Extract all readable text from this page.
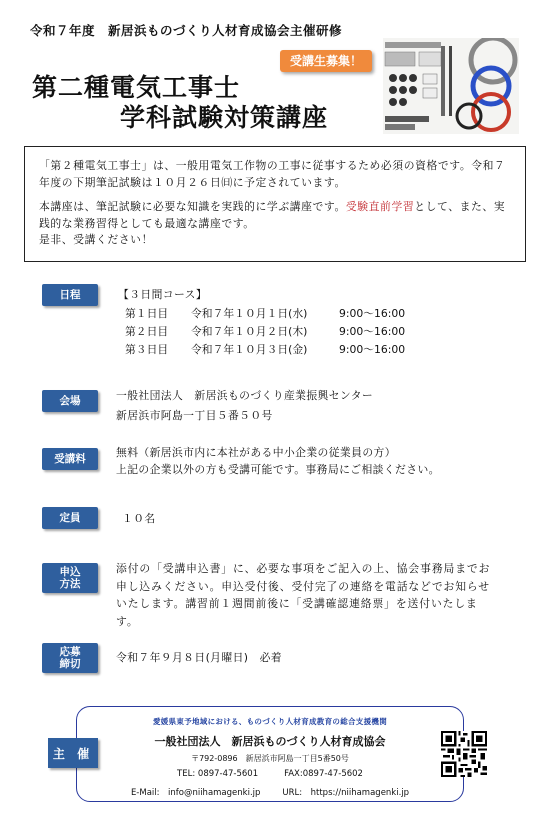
令和７年度　新居浜ものづくり人材育成協会主催研修
第二種電気工事士
学科試験対策講座
受講生募集！

「第２種電気工事士」は、一般用電気工作物の工事に従事するため必須の資格です。令和７年度の下期筆記試験は１０月２６日㈰に予定されています。

本講座は、筆記試験に必要な知識を実践的に学ぶ講座です。受験直前学習として、また、実践的な業務習得としても最適な講座です。

是非、受講ください！

日程	【３日間コース】
第１日目	令和７年１０月１日(水)	9:00～16:00
第２日目	令和７年１０月２日(木)	9:00～16:00
第３日目	令和７年１０月３日(金)	9:00～16:00
会場	一般社団法人　新居浜ものづくり産業振興センター
新居浜市阿島一丁目５番５０号
受講料	無料（新居浜市内に本社がある中小企業の従業員の方）
上記の企業以外の方も受講可能です。事務局にご相談ください。
定員	１０名
申込
方法
添付の「受講申込書」に、必要な事項をご記入の上、協会事務局までお申し込みください。申込受付後、受付完了の連絡を電話などでお知らせいたします。講習前１週間前後に「受講確認連絡票」を送付いたします。
応募
締切	令和７年９月８日(月曜日)　必着
主 催
愛媛県東予地域における、ものづくり人材育成教育の総合支援機関
一般社団法人　新居浜ものづくり人材育成協会
〒792-0896　新居浜市阿島一丁目5番50号
TEL: 0897-47-5601	FAX:0897-47-5602
E-Mail:　info@niihamagenki.jp	URL:　https://niihamagenki.jp
